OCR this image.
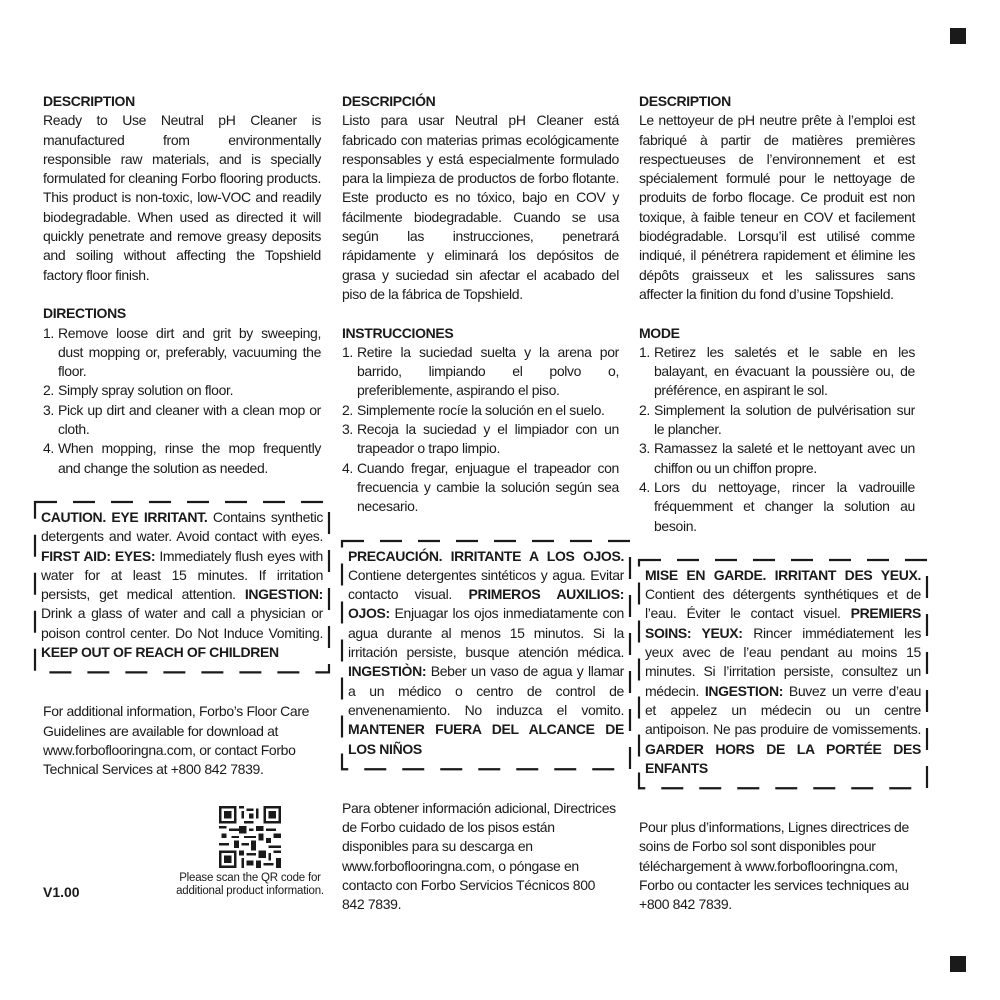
DESCRIPTION

Ready to Use Neutral pH Cleaner is manufactured from environmentally responsible raw materials, and is specially formulated for cleaning Forbo flooring products. This product is non-toxic, low-VOC and readily biodegradable. When used as directed it will quickly penetrate and remove greasy deposits and soiling without affecting the Topshield factory floor finish.

DIRECTIONS
1. Remove loose dirt and grit by sweeping, dust mopping or, preferably, vacuuming the floor.
2. Simply spray solution on floor.
3. Pick up dirt and cleaner with a clean mop or cloth.
4. When mopping, rinse the mop frequently and change the solution as needed.

CAUTION. EYE IRRITANT. Contains synthetic detergents and water. Avoid contact with eyes. FIRST AID: EYES: Immediately flush eyes with water for at least 15 minutes. If irritation persists, get medical attention. INGESTION: Drink a glass of water and call a physician or poison control center. Do Not Induce Vomiting. KEEP OUT OF REACH OF CHILDREN

For additional information, Forbo’s Floor Care Guidelines are available for download at www.forboflooringna.com, or contact Forbo Technical Services at +800 842 7839.

Please scan the QR code for additional product information.
V1.00
DESCRIPCIÓN

Listo para usar Neutral pH Cleaner está fabricado con materias primas ecológicamente responsables y está especialmente formulado para la limpieza de productos de forbo flotante. Este producto es no tóxico, bajo en COV y fácilmente biodegradable. Cuando se usa según las instrucciones, penetrará rápidamente y eliminará los depósitos de grasa y suciedad sin afectar el acabado del piso de la fábrica de Topshield.

INSTRUCCIONES
1. Retire la suciedad suelta y la arena por barrido, limpiando el polvo o, preferiblemente, aspirando el piso.
2. Simplemente rocíe la solución en el suelo.
3. Recoja la suciedad y el limpiador con un trapeador o trapo limpio.
4. Cuando fregar, enjuague el trapeador con frecuencia y cambie la solución según sea necesario.

PRECAUCIÓN. IRRITANTE A LOS OJOS. Contiene detergentes sintéticos y agua. Evitar contacto visual. PRIMEROS AUXILIOS: OJOS: Enjuagar los ojos inmediatamente con agua durante al menos 15 minutos. Si la irritación persiste, busque atención médica. INGESTIÒN: Beber un vaso de agua y llamar a un médico o centro de control de envenenamiento. No induzca el vomito. MANTENER FUERA DEL ALCANCE DE LOS NIÑOS

Para obtener información adicional, Directrices de Forbo cuidado de los pisos están disponibles para su descarga en www.forboflooringna.com, o póngase en contacto con Forbo Servicios Técnicos 800 842 7839.

DESCRIPTION

Le nettoyeur de pH neutre prête à l’emploi est fabriqué à partir de matières premières respectueuses de l’environnement et est spécialement formulé pour le nettoyage de produits de forbo flocage. Ce produit est non toxique, à faible teneur en COV et facilement biodégradable. Lorsqu’il est utilisé comme indiqué, il pénétrera rapidement et élimine les dépôts graisseux et les salissures sans affecter la finition du fond d’usine Topshield.

MODE
1. Retirez les saletés et le sable en les balayant, en évacuant la poussière ou, de préférence, en aspirant le sol.
2. Simplement la solution de pulvérisation sur le plancher.
3. Ramassez la saleté et le nettoyant avec un chiffon ou un chiffon propre.
4. Lors du nettoyage, rincer la vadrouille fréquemment et changer la solution au besoin.

MISE EN GARDE. IRRITANT DES YEUX. Contient des détergents synthétiques et de l’eau. Éviter le contact visuel. PREMIERS SOINS: YEUX: Rincer immédiatement les yeux avec de l’eau pendant au moins 15 minutes. Si l’irritation persiste, consultez un médecin. INGESTION: Buvez un verre d’eau et appelez un médecin ou un centre antipoison. Ne pas produire de vomissements. GARDER HORS DE LA PORTÉE DES ENFANTS

Pour plus d’informations, Lignes directrices de soins de Forbo sol sont disponibles pour téléchargement à www.forboflooringna.com, Forbo ou contacter les services techniques au +800 842 7839.
